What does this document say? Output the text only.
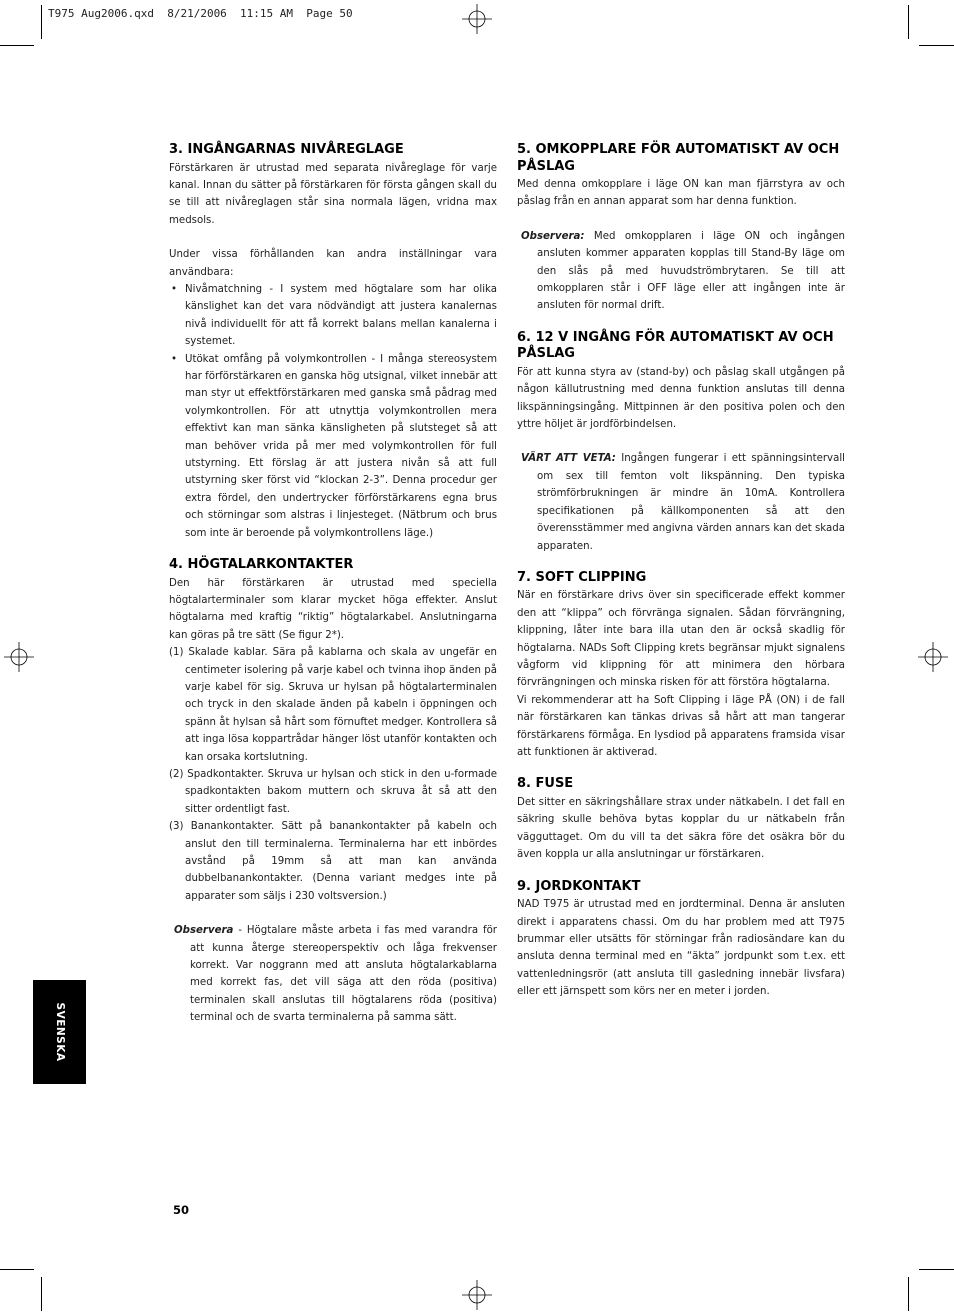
T975 Aug2006.qxd  8/21/2006  11:15 AM  Page 50
3. INGÅNGARNAS NIVÅREGLAGE

Förstärkaren är utrustad med separata nivåreglage för varje kanal. Innan du sätter på förstärkaren för första gången skall du se till att nivåreglagen står sina normala lägen, vridna max medsols.

Under vissa förhållanden kan andra inställningar vara användbara:

• Nivåmatchning - I system med högtalare som har olika känslighet kan det vara nödvändigt att justera kanalernas nivå individuellt för att få korrekt balans mellan kanalerna i systemet.
• Utökat omfång på volymkontrollen - I många stereosystem har förförstärkaren en ganska hög utsignal, vilket innebär att man styr ut effektförstärkaren med ganska små pådrag med volymkontrollen. För att utnyttja volymkontrollen mera effektivt kan man sänka känsligheten på slutsteget så att man behöver vrida på mer med volymkontrollen för full utstyrning. Ett förslag är att justera nivån så att full utstyrning sker först vid “klockan 2-3”. Denna procedur ger extra fördel, den undertrycker förförstärkarens egna brus och störningar som alstras i linjesteget. (Nätbrum och brus som inte är beroende på volymkontrollens läge.)
4. HÖGTALARKONTAKTER

Den här förstärkaren är utrustad med speciella högtalarterminaler som klarar mycket höga effekter. Anslut högtalarna med kraftig “riktig” högtalarkabel. Anslutningarna kan göras på tre sätt (Se figur 2*).

(1) Skalade kablar. Sära på kablarna och skala av ungefär en centimeter isolering på varje kabel och tvinna ihop änden på varje kabel för sig. Skruva ur hylsan på högtalarterminalen och tryck in den skalade änden på kabeln i öppningen och spänn åt hylsan så hårt som förnuftet medger. Kontrollera så att inga lösa koppartrådar hänger löst utanför kontakten och kan orsaka kortslutning.
(2) Spadkontakter. Skruva ur hylsan och stick in den u-formade spadkontakten bakom muttern och skruva åt så att den sitter ordentligt fast.
(3) Banankontakter. Sätt på banankontakter på kabeln och anslut den till terminalerna. Terminalerna har ett inbördes avstånd på 19mm så att man kan använda dubbelbanankontakter. (Denna variant medges inte på apparater som säljs i 230 voltsversion.)

Observera - Högtalare måste arbeta i fas med varandra för att kunna återge stereoperspektiv och låga frekvenser korrekt. Var noggrann med att ansluta högtalarkablarna med korrekt fas, det vill säga att den röda (positiva) terminalen skall anslutas till högtalarens röda (positiva) terminal och de svarta terminalerna på samma sätt.

5. OMKOPPLARE FÖR AUTOMATISKT AV OCH PÅSLAG

Med denna omkopplare i läge ON kan man fjärrstyra av och påslag från en annan apparat som har denna funktion.

Observera: Med omkopplaren i läge ON och ingången ansluten kommer apparaten kopplas till Stand-By läge om den slås på med huvudströmbrytaren. Se till att omkopplaren står i OFF läge eller att ingången inte är ansluten för normal drift.

6. 12 V INGÅNG FÖR AUTOMATISKT AV OCH PÅSLAG

För att kunna styra av (stand-by) och påslag skall utgången på någon källutrustning med denna funktion anslutas till denna likspänningsingång. Mittpinnen är den positiva polen och den yttre höljet är jordförbindelsen.

VÄRT ATT VETA: Ingången fungerar i ett spänningsintervall om sex till femton volt likspänning. Den typiska strömförbrukningen är mindre än 10mA. Kontrollera specifikationen på källkomponenten så att den överensstämmer med angivna värden annars kan det skada apparaten.

7. SOFT CLIPPING

När en förstärkare drivs över sin specificerade effekt kommer den att “klippa” och förvränga signalen. Sådan förvrängning, klippning, låter inte bara illa utan den är också skadlig för högtalarna. NADs Soft Clipping krets begränsar mjukt signalens vågform vid klippning för att minimera den hörbara förvrängningen och minska risken för att förstöra högtalarna.

Vi rekommenderar att ha Soft Clipping i läge PÅ (ON) i de fall när förstärkaren kan tänkas drivas så hårt att man tangerar förstärkarens förmåga. En lysdiod på apparatens framsida visar att funktionen är aktiverad.

8. FUSE

Det sitter en säkringshållare strax under nätkabeln. I det fall en säkring skulle behöva bytas kopplar du ur nätkabeln från vägguttaget. Om du vill ta det säkra före det osäkra bör du även koppla ur alla anslutningar ur förstärkaren.

9. JORDKONTAKT

NAD T975 är utrustad med en jordterminal. Denna är ansluten direkt i apparatens chassi. Om du har problem med att T975 brummar eller utsätts för störningar från radiosändare kan du ansluta denna terminal med en “äkta” jordpunkt som t.ex. ett vattenledningsrör (att ansluta till gasledning innebär livsfara) eller ett järnspett som körs ner en meter i jorden.

SVENSKA
50
